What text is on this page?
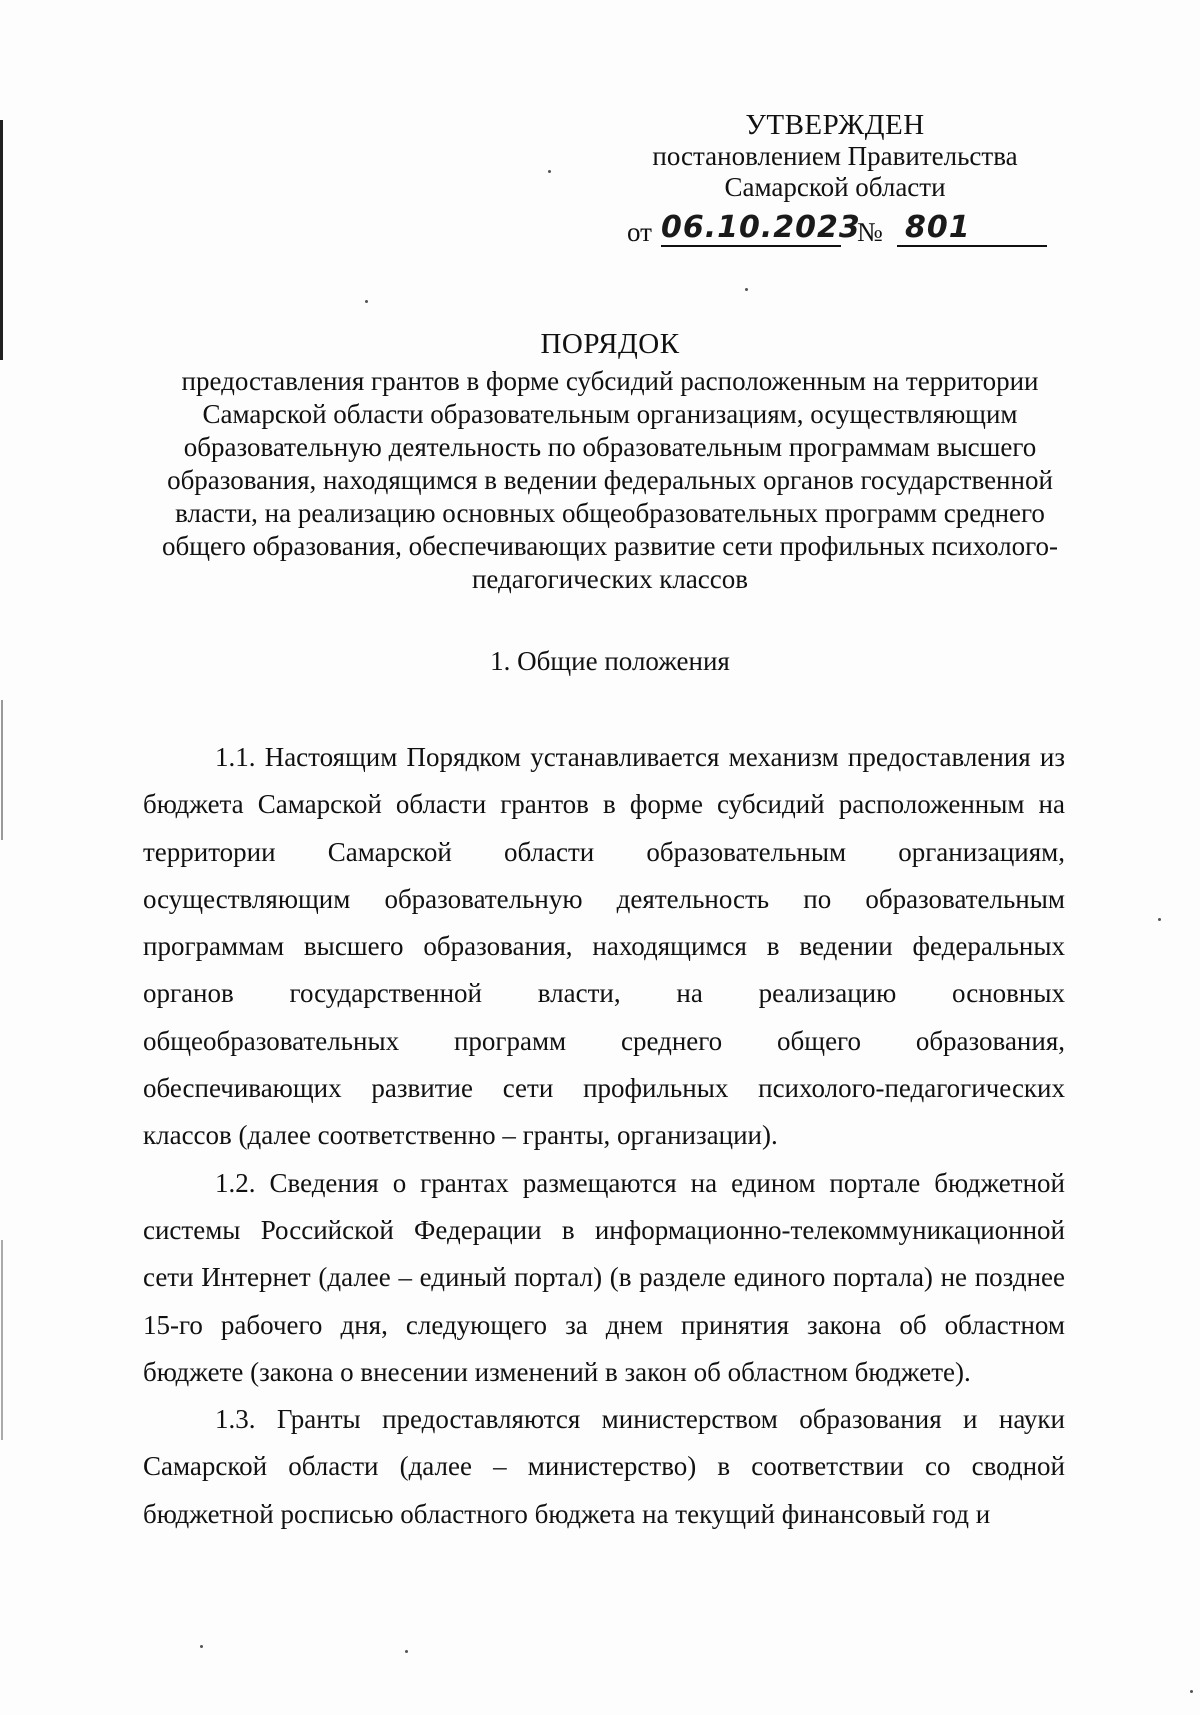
УТВЕРЖДЕН
постановлением Правительства
Самарской области
от 06.10.2023
№ 801
ПОРЯДОК
предоставления грантов в форме субсидий расположенным на территории Самарской области образовательным организациям, осуществляющим образовательную деятельность по образовательным программам высшего образования, находящимся в ведении федеральных органов государственной власти, на реализацию основных общеобразовательных программ среднего общего образования, обеспечивающих развитие сети профильных психолого-педагогических классов
1. Общие положения

1.1. Настоящим Порядком устанавливается механизм предоставления из бюджета Самарской области грантов в форме субсидий расположенным на территории Самарской области образовательным организациям, осуществляющим образовательную деятельность по образовательным программам высшего образования, находящимся в ведении федеральных органов государственной власти, на реализацию основных общеобразовательных программ среднего общего образования, обеспечивающих развитие сети профильных психолого-педагогических классов (далее соответственно – гранты, организации).

1.2. Сведения о грантах размещаются на едином портале бюджетной системы Российской Федерации в информационно-телекоммуникационной сети Интернет (далее – единый портал) (в разделе единого портала) не позднее 15-го рабочего дня, следующего за днем принятия закона об областном бюджете (закона о внесении изменений в закон об областном бюджете).

1.3. Гранты предоставляются министерством образования и науки Самарской области (далее – министерство) в соответствии со сводной бюджетной росписью областного бюджета на текущий финансовый год и
